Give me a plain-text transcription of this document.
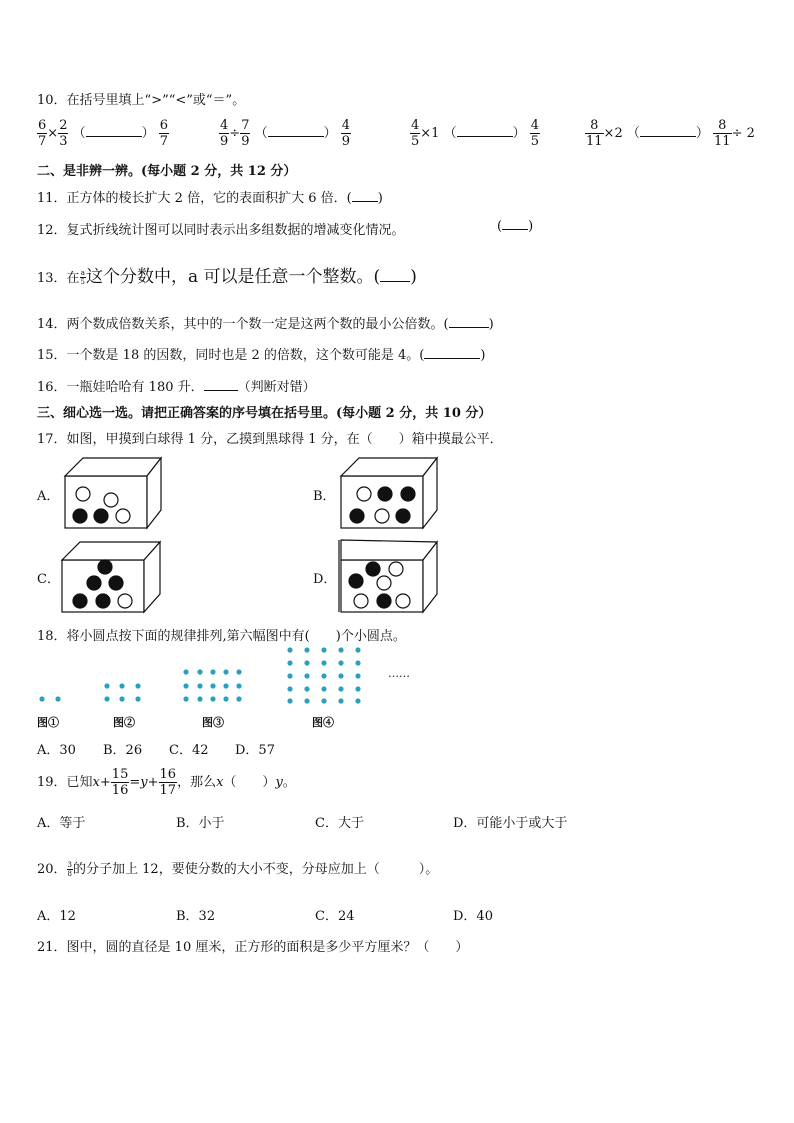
10．在括号里填上“>”“<”或“＝”。
$\frac{6}{7} \times \frac{2}{3}$ （	） $\frac{6}{7}$	$\frac{4}{9} \div \frac{7}{9}$ （	） $\frac{4}{9}$	$\frac{4}{5} \times 1$ （	） $\frac{4}{5}$	$\frac{8}{11} \times 2$ （	） $\frac{8}{11} \div 2$
二、是非辨一辨。(每小题 2 分，共 12 分）
11．正方体的棱长扩大 2 倍，它的表面积扩大 6 倍．( )
12．复式折线统计图可以同时表示出多组数据的增减变化情况。	( )
13．在 $\frac{a}{5}$ 这个分数中，a 可以是任意一个整数。( )
14．两个数成倍数关系，其中的一个数一定是这两个数的最小公倍数。(	)
15．一个数是 18 的因数，同时也是 2 的倍数，这个数可能是 4。(	)
16．一瓶娃哈哈有 180 升．	（判断对错）
三、细心选一选。请把正确答案的序号填在括号里。(每小题 2 分，共 10 分）
17．如图，甲摸到白球得 1 分，乙摸到黑球得 1 分，在（　　）箱中摸最公平．
A．	B．
C．	D．
18．将小圆点按下面的规律排列,第六幅图中有(　　)个小圆点。
……
图①	图②	图③	图④
A．30 B．26 C．42 D．57
19．已知$x+ \frac{15}{16} =y+ \frac{16}{17}$ ，那么x（　　）y。
A．等于	B．小于	C．大于	D．可能小于或大于
20． $\frac{3}{8}$ 的分子加上 12，要使分数的大小不变，分母应加上（　　　）。
A．12	B．32	C．24	D．40
21．图中，圆的直径是 10 厘米，正方形的面积是多少平方厘米？（　　）
